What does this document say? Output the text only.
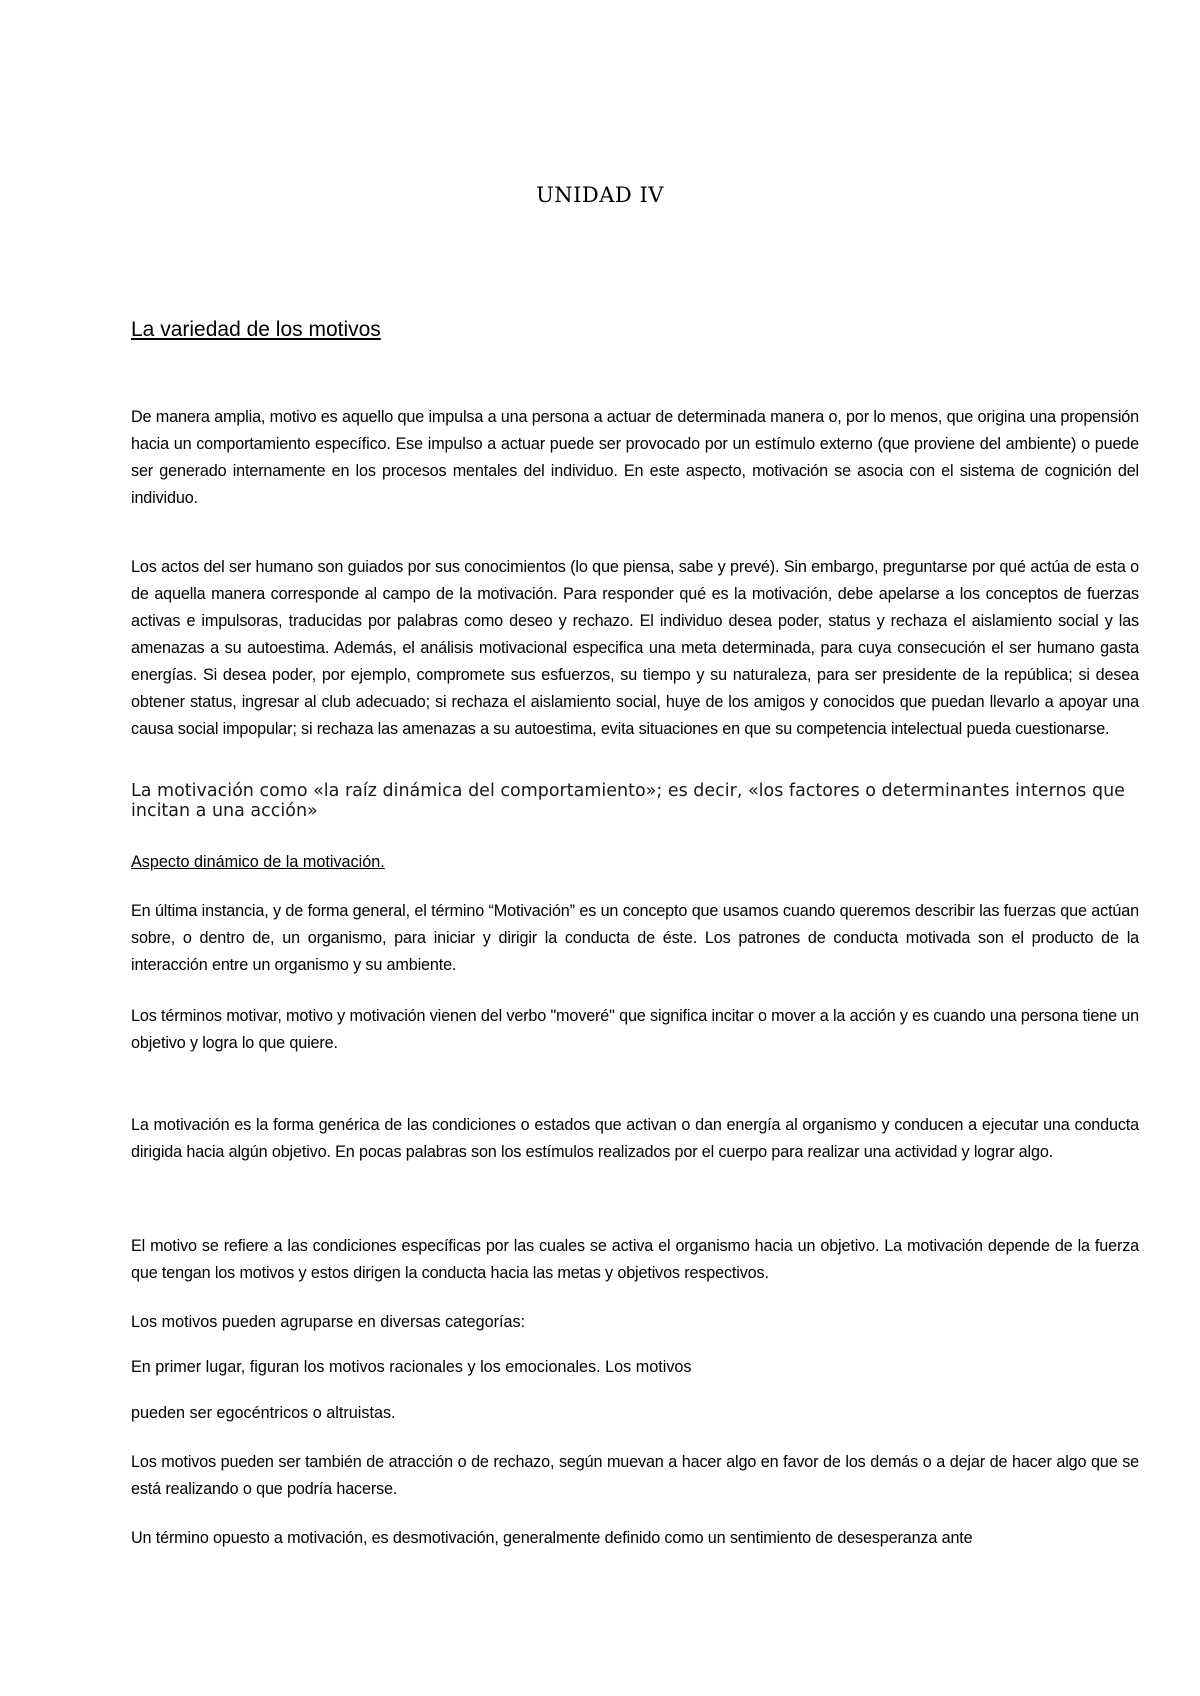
UNIDAD IV
La variedad de los motivos
De manera amplia, motivo es aquello que impulsa a una persona a actuar de determinada manera o, por lo menos, que origina una propensión hacia un comportamiento específico. Ese impulso a actuar puede ser provocado por un estímulo externo (que proviene del ambiente) o puede ser generado internamente en los procesos mentales del individuo. En este aspecto, motivación se asocia con el sistema de cognición del individuo.
Los actos del ser humano son guiados por sus conocimientos (lo que piensa, sabe y prevé). Sin embargo, preguntarse por qué actúa de esta o de aquella manera corresponde al campo de la motivación. Para responder qué es la motivación, debe apelarse a los conceptos de fuerzas activas e impulsoras, traducidas por palabras como deseo y rechazo. El individuo desea poder, status y rechaza el aislamiento social y las amenazas a su autoestima. Además, el análisis motivacional especifica una meta determinada, para cuya consecución el ser humano gasta energías. Si desea poder, por ejemplo, compromete sus esfuerzos, su tiempo y su naturaleza, para ser presidente de la república; si desea obtener status, ingresar al club adecuado; si rechaza el aislamiento social, huye de los amigos y conocidos que puedan llevarlo a apoyar una causa social impopular; si rechaza las amenazas a su autoestima, evita situaciones en que su competencia intelectual pueda cuestionarse.
La motivación como «la raíz dinámica del comportamiento»; es decir, «los factores o determinantes internos que incitan a una acción»
Aspecto dinámico de la motivación.
En última instancia, y de forma general, el término “Motivación” es un concepto que usamos cuando queremos describir las fuerzas que actúan sobre, o dentro de, un organismo, para iniciar y dirigir la conducta de éste. Los patrones de conducta motivada son el producto de la interacción entre un organismo y su ambiente.
Los términos motivar, motivo y motivación vienen del verbo "moveré" que significa incitar o mover a la acción y es cuando una persona tiene un objetivo y logra lo que quiere.
La motivación es la forma genérica de las condiciones o estados que activan o dan energía al organismo y conducen a ejecutar una conducta dirigida hacia algún objetivo. En pocas palabras son los estímulos realizados por el cuerpo para realizar una actividad y lograr algo.
El motivo se refiere a las condiciones específicas por las cuales se activa el organismo hacia un objetivo. La motivación depende de la fuerza que tengan los motivos y estos dirigen la conducta hacia las metas y objetivos respectivos.
Los motivos pueden agruparse en diversas categorías:
En primer lugar, figuran los motivos racionales y los emocionales. Los motivos
pueden ser egocéntricos o altruistas.
Los motivos pueden ser también de atracción o de rechazo, según muevan a hacer algo en favor de los demás o a dejar de hacer algo que se está realizando o que podría hacerse.
Un término opuesto a motivación, es desmotivación, generalmente definido como un sentimiento de desesperanza ante
